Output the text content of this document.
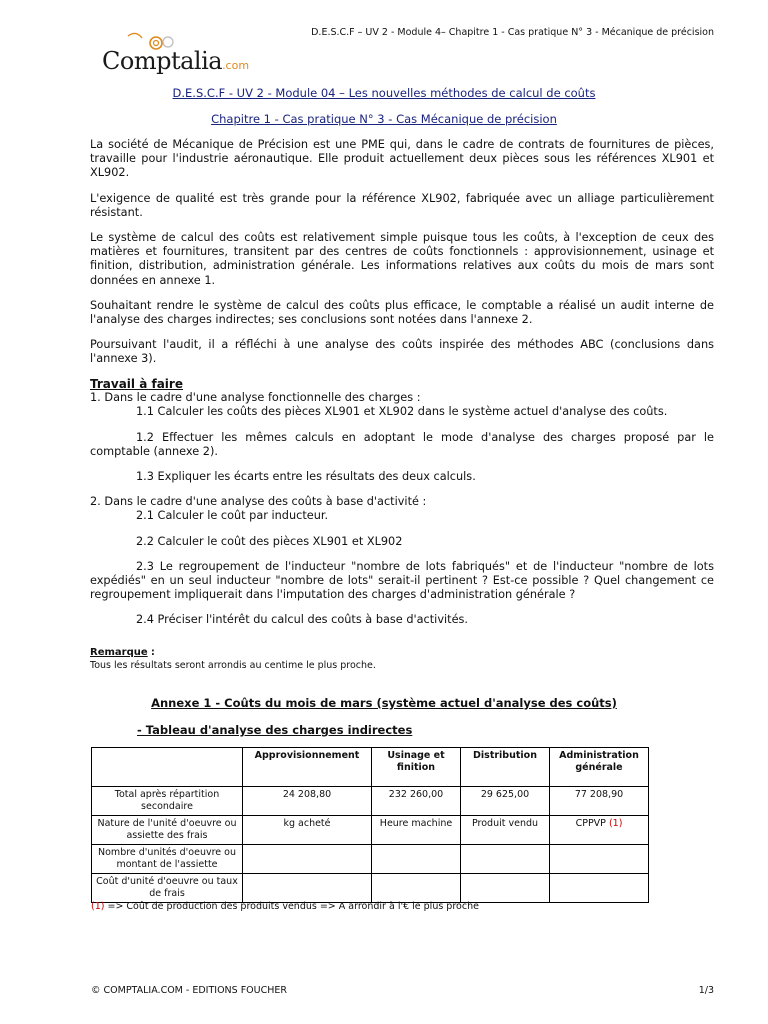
D.E.S.C.F – UV 2 - Module 4– Chapitre 1 - Cas pratique N° 3 - Mécanique de précision
Comptalia.com
D.E.S.C.F - UV 2 - Module 04 – Les nouvelles méthodes de calcul de coûts
Chapitre 1 - Cas pratique N° 3 - Cas Mécanique de précision

La société de Mécanique de Précision est une PME qui, dans le cadre de contrats de fournitures de pièces, travaille pour l'industrie aéronautique. Elle produit actuellement deux pièces sous les références XL901 et XL902.

L'exigence de qualité est très grande pour la référence XL902, fabriquée avec un alliage particulièrement résistant.

Le système de calcul des coûts est relativement simple puisque tous les coûts, à l'exception de ceux des matières et fournitures, transitent par des centres de coûts fonctionnels : approvisionnement, usinage et finition, distribution, administration générale. Les informations relatives aux coûts du mois de mars sont données en annexe 1.

Souhaitant rendre le système de calcul des coûts plus efficace, le comptable a réalisé un audit interne de l'analyse des charges indirectes; ses conclusions sont notées dans l'annexe 2.

Poursuivant l'audit, il a réfléchi à une analyse des coûts inspirée des méthodes ABC (conclusions dans l'annexe 3).

Travail à faire
1. Dans le cadre d'une analyse fonctionnelle des charges :

1.1 Calculer les coûts des pièces XL901 et XL902 dans le système actuel d'analyse des coûts.

1.2 Effectuer les mêmes calculs en adoptant le mode d'analyse des charges proposé par le comptable (annexe 2).

1.3 Expliquer les écarts entre les résultats des deux calculs.

2. Dans le cadre d'une analyse des coûts à base d'activité :

2.1 Calculer le coût par inducteur.

2.2 Calculer le coût des pièces XL901 et XL902

2.3 Le regroupement de l'inducteur "nombre de lots fabriqués" et de l'inducteur "nombre de lots expédiés" en un seul inducteur "nombre de lots" serait-il pertinent ? Est-ce possible ? Quel changement ce regroupement impliquerait dans l'imputation des charges d'administration générale ?

2.4 Préciser l'intérêt du calcul des coûts à base d'activités.

Remarque :
Tous les résultats seront arrondis au centime le plus proche.
Annexe 1 - Coûts du mois de mars (système actuel d'analyse des coûts)
- Tableau d'analyse des charges indirectes
	Approvisionnement	Usinage et finition	Distribution	Administration générale
Total après répartition secondaire	24 208,80	232 260,00	29 625,00	77 208,90
Nature de l'unité d'oeuvre ou assiette des frais	kg acheté	Heure machine	Produit vendu	CPPVP (1)
Nombre d'unités d'oeuvre ou montant de l'assiette				
Coût d'unité d'oeuvre ou taux de frais				
(1) => Coût de production des produits vendus => A arrondir à l'€ le plus proche
© COMPTALIA.COM - EDITIONS FOUCHER	1/3
